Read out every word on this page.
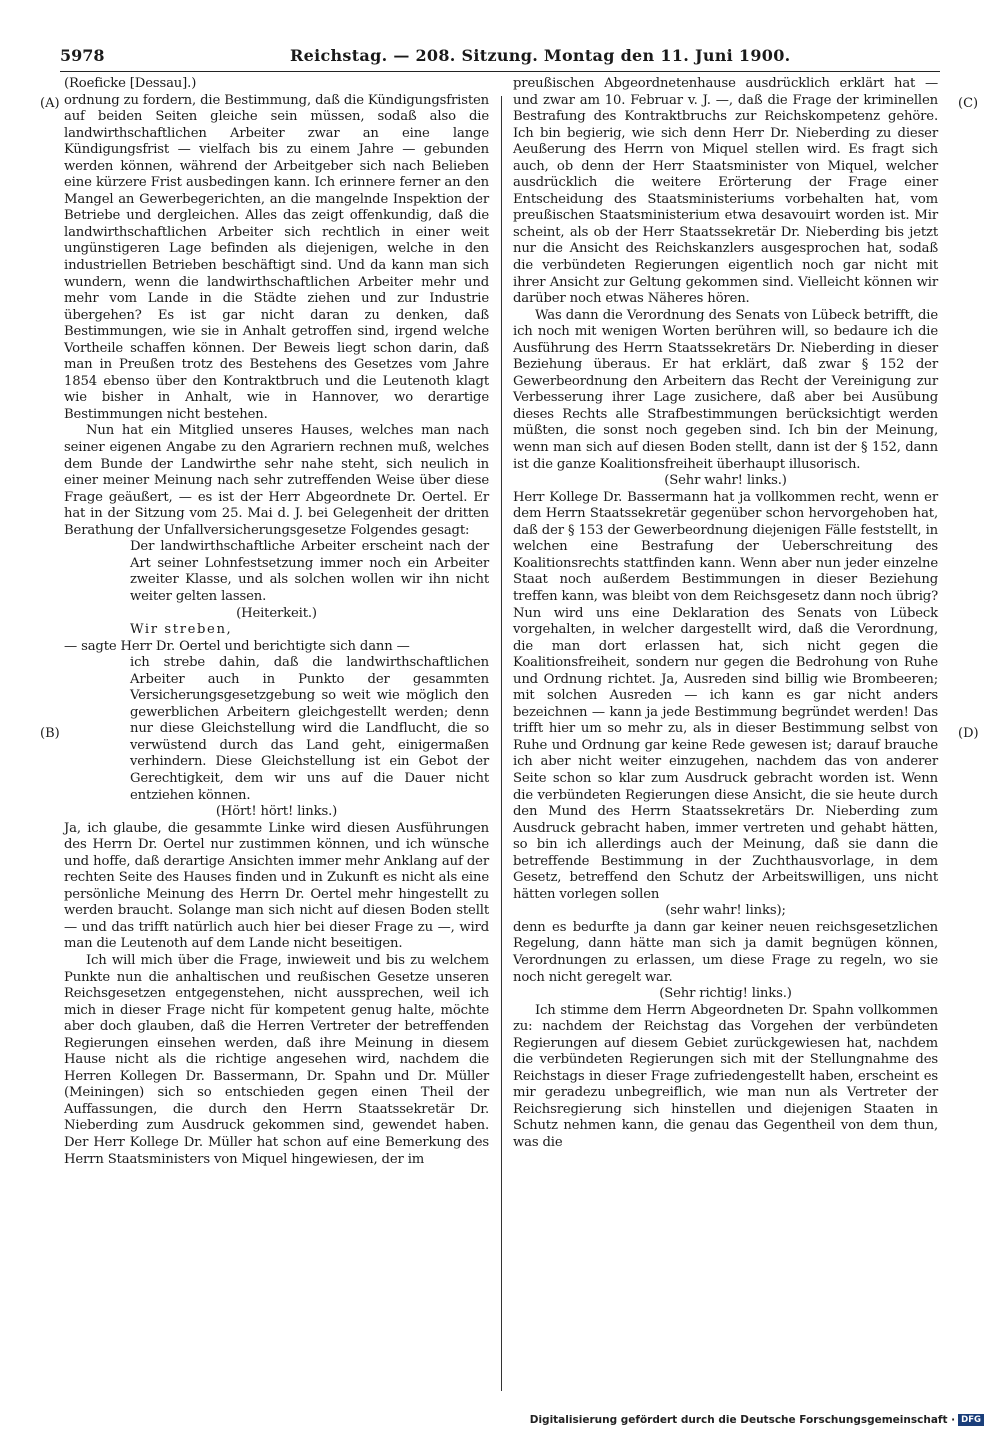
5978	Reichstag. — 208. Sitzung. Montag den 11. Juni 1900.
(A)
(B)
(C)
(D)

(Roeficke [Dessau].)

ordnung zu fordern, die Bestimmung, daß die Kündigungsfristen auf beiden Seiten gleiche sein müssen, sodaß also die landwirthschaftlichen Arbeiter zwar an eine lange Kündigungsfrist — vielfach bis zu einem Jahre — gebunden werden können, während der Arbeitgeber sich nach Belieben eine kürzere Frist ausbedingen kann. Ich erinnere ferner an den Mangel an Gewerbegerichten, an die mangelnde Inspektion der Betriebe und dergleichen. Alles das zeigt offenkundig, daß die landwirthschaftlichen Arbeiter sich rechtlich in einer weit ungünstigeren Lage befinden als diejenigen, welche in den industriellen Betrieben beschäftigt sind. Und da kann man sich wundern, wenn die landwirthschaftlichen Arbeiter mehr und mehr vom Lande in die Städte ziehen und zur Industrie übergehen? Es ist gar nicht daran zu denken, daß Bestimmungen, wie sie in Anhalt getroffen sind, irgend welche Vortheile schaffen können. Der Beweis liegt schon darin, daß man in Preußen trotz des Bestehens des Gesetzes vom Jahre 1854 ebenso über den Kontraktbruch und die Leutenoth klagt wie bisher in Anhalt, wie in Hannover, wo derartige Bestimmungen nicht bestehen.

Nun hat ein Mitglied unseres Hauses, welches man nach seiner eigenen Angabe zu den Agrariern rechnen muß, welches dem Bunde der Landwirthe sehr nahe steht, sich neulich in einer meiner Meinung nach sehr zutreffenden Weise über diese Frage geäußert, — es ist der Herr Abgeordnete Dr. Oertel. Er hat in der Sitzung vom 25. Mai d. J. bei Gelegenheit der dritten Berathung der Unfallversicherungsgesetze Folgendes gesagt:

Der landwirthschaftliche Arbeiter erscheint nach der Art seiner Lohnfestsetzung immer noch ein Arbeiter zweiter Klasse, und als solchen wollen wir ihn nicht weiter gelten lassen.

(Heiterkeit.)

Wir streben,

— sagte Herr Dr. Oertel und berichtigte sich dann —

ich strebe dahin, daß die landwirthschaftlichen Arbeiter auch in Punkto der gesammten Versicherungsgesetzgebung so weit wie möglich den gewerblichen Arbeitern gleichgestellt werden; denn nur diese Gleichstellung wird die Landflucht, die so verwüstend durch das Land geht, einigermaßen verhindern. Diese Gleichstellung ist ein Gebot der Gerechtigkeit, dem wir uns auf die Dauer nicht entziehen können.

(Hört! hört! links.)

Ja, ich glaube, die gesammte Linke wird diesen Ausführungen des Herrn Dr. Oertel nur zustimmen können, und ich wünsche und hoffe, daß derartige Ansichten immer mehr Anklang auf der rechten Seite des Hauses finden und in Zukunft es nicht als eine persönliche Meinung des Herrn Dr. Oertel mehr hingestellt zu werden braucht. Solange man sich nicht auf diesen Boden stellt — und das trifft natürlich auch hier bei dieser Frage zu —, wird man die Leutenoth auf dem Lande nicht beseitigen.

Ich will mich über die Frage, inwieweit und bis zu welchem Punkte nun die anhaltischen und reußischen Gesetze unseren Reichsgesetzen entgegenstehen, nicht aussprechen, weil ich mich in dieser Frage nicht für kompetent genug halte, möchte aber doch glauben, daß die Herren Vertreter der betreffenden Regierungen einsehen werden, daß ihre Meinung in diesem Hause nicht als die richtige angesehen wird, nachdem die Herren Kollegen Dr. Bassermann, Dr. Spahn und Dr. Müller (Meiningen) sich so entschieden gegen einen Theil der Auffassungen, die durch den Herrn Staatssekretär Dr. Nieberding zum Ausdruck gekommen sind, gewendet haben. Der Herr Kollege Dr. Müller hat schon auf eine Bemerkung des Herrn Staatsministers von Miquel hingewiesen, der im

preußischen Abgeordnetenhause ausdrücklich erklärt hat — und zwar am 10. Februar v. J. —, daß die Frage der kriminellen Bestrafung des Kontraktbruchs zur Reichskompetenz gehöre. Ich bin begierig, wie sich denn Herr Dr. Nieberding zu dieser Aeußerung des Herrn von Miquel stellen wird. Es fragt sich auch, ob denn der Herr Staatsminister von Miquel, welcher ausdrücklich die weitere Erörterung der Frage einer Entscheidung des Staatsministeriums vorbehalten hat, vom preußischen Staatsministerium etwa desavouirt worden ist. Mir scheint, als ob der Herr Staatssekretär Dr. Nieberding bis jetzt nur die Ansicht des Reichskanzlers ausgesprochen hat, sodaß die verbündeten Regierungen eigentlich noch gar nicht mit ihrer Ansicht zur Geltung gekommen sind. Vielleicht können wir darüber noch etwas Näheres hören.

Was dann die Verordnung des Senats von Lübeck betrifft, die ich noch mit wenigen Worten berühren will, so bedaure ich die Ausführung des Herrn Staatssekretärs Dr. Nieberding in dieser Beziehung überaus. Er hat erklärt, daß zwar § 152 der Gewerbeordnung den Arbeitern das Recht der Vereinigung zur Verbesserung ihrer Lage zusichere, daß aber bei Ausübung dieses Rechts alle Strafbestimmungen berücksichtigt werden müßten, die sonst noch gegeben sind. Ich bin der Meinung, wenn man sich auf diesen Boden stellt, dann ist der § 152, dann ist die ganze Koalitionsfreiheit überhaupt illusorisch.

(Sehr wahr! links.)

Herr Kollege Dr. Bassermann hat ja vollkommen recht, wenn er dem Herrn Staatssekretär gegenüber schon hervorgehoben hat, daß der § 153 der Gewerbeordnung diejenigen Fälle feststellt, in welchen eine Bestrafung der Ueberschreitung des Koalitionsrechts stattfinden kann. Wenn aber nun jeder einzelne Staat noch außerdem Bestimmungen in dieser Beziehung treffen kann, was bleibt von dem Reichsgesetz dann noch übrig? Nun wird uns eine Deklaration des Senats von Lübeck vorgehalten, in welcher dargestellt wird, daß die Verordnung, die man dort erlassen hat, sich nicht gegen die Koalitionsfreiheit, sondern nur gegen die Bedrohung von Ruhe und Ordnung richtet. Ja, Ausreden sind billig wie Brombeeren; mit solchen Ausreden — ich kann es gar nicht anders bezeichnen — kann ja jede Bestimmung begründet werden! Das trifft hier um so mehr zu, als in dieser Bestimmung selbst von Ruhe und Ordnung gar keine Rede gewesen ist; darauf brauche ich aber nicht weiter einzugehen, nachdem das von anderer Seite schon so klar zum Ausdruck gebracht worden ist. Wenn die verbündeten Regierungen diese Ansicht, die sie heute durch den Mund des Herrn Staatssekretärs Dr. Nieberding zum Ausdruck gebracht haben, immer vertreten und gehabt hätten, so bin ich allerdings auch der Meinung, daß sie dann die betreffende Bestimmung in der Zuchthausvorlage, in dem Gesetz, betreffend den Schutz der Arbeitswilligen, uns nicht hätten vorlegen sollen

(sehr wahr! links);

denn es bedurfte ja dann gar keiner neuen reichsgesetzlichen Regelung, dann hätte man sich ja damit begnügen können, Verordnungen zu erlassen, um diese Frage zu regeln, wo sie noch nicht geregelt war.

(Sehr richtig! links.)

Ich stimme dem Herrn Abgeordneten Dr. Spahn vollkommen zu: nachdem der Reichstag das Vorgehen der verbündeten Regierungen auf diesem Gebiet zurückgewiesen hat, nachdem die verbündeten Regierungen sich mit der Stellungnahme des Reichstags in dieser Frage zufriedengestellt haben, erscheint es mir geradezu unbegreiflich, wie man nun als Vertreter der Reichsregierung sich hinstellen und diejenigen Staaten in Schutz nehmen kann, die genau das Gegentheil von dem thun, was die

Digitalisierung gefördert durch die Deutsche Forschungsgemeinschaft · DFG
